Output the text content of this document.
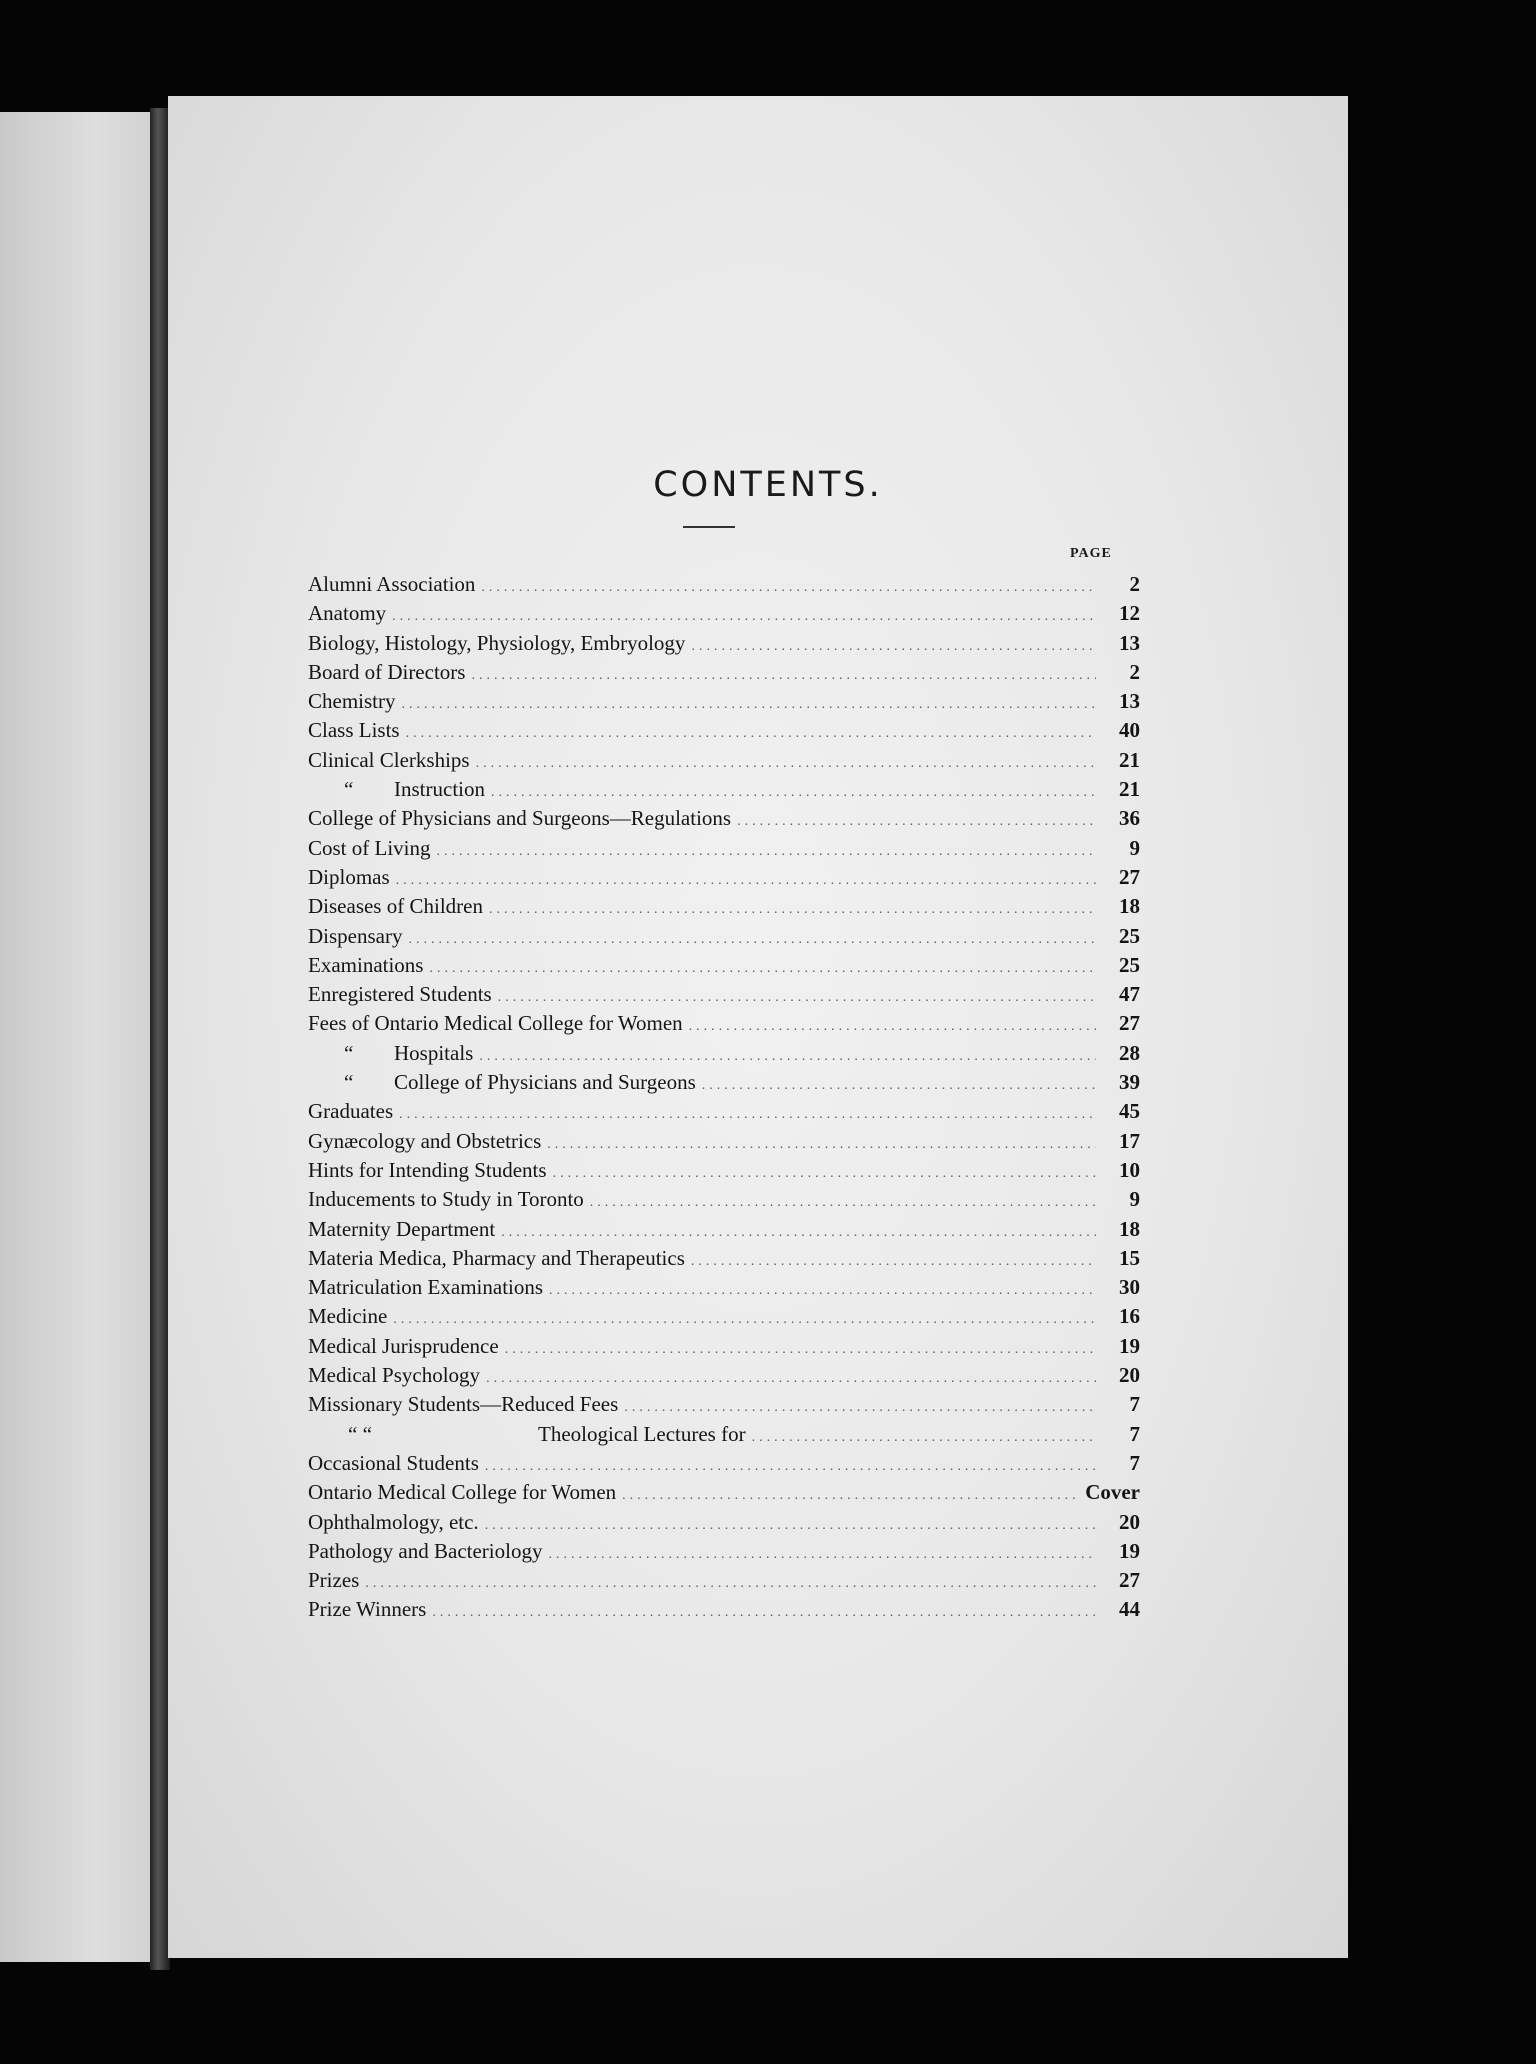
CONTENTS.
PAGE
Alumni Association .....	2
Anatomy .....	12
Biology, Histology, Physiology, Embryology .....	13
Board of Directors .....	2
Chemistry .....	13
Class Lists .....	40
Clinical Clerkships .....	21
“ Instruction .....	21
College of Physicians and Surgeons—Regulations .....	36
Cost of Living .....	9
Diplomas .....	27
Diseases of Children .....	18
Dispensary .....	25
Examinations .....	25
Enregistered Students .....	47
Fees of Ontario Medical College for Women .....	27
“ Hospitals .....	28
“ College of Physicians and Surgeons .....	39
Graduates .....	45
Gynæcology and Obstetrics .....	17
Hints for Intending Students .....	10
Inducements to Study in Toronto .....	9
Maternity Department .....	18
Materia Medica, Pharmacy and Therapeutics .....	15
Matriculation Examinations .....	30
Medicine .....	16
Medical Jurisprudence .....	19
Medical Psychology .....	20
Missionary Students—Reduced Fees .....	7
“ “	Theological Lectures for .....	7
Occasional Students .....	7
Ontario Medical College for Women .....	Cover
Ophthalmology, etc. .....	20
Pathology and Bacteriology .....	19
Prizes .....	27
Prize Winners .....	44
